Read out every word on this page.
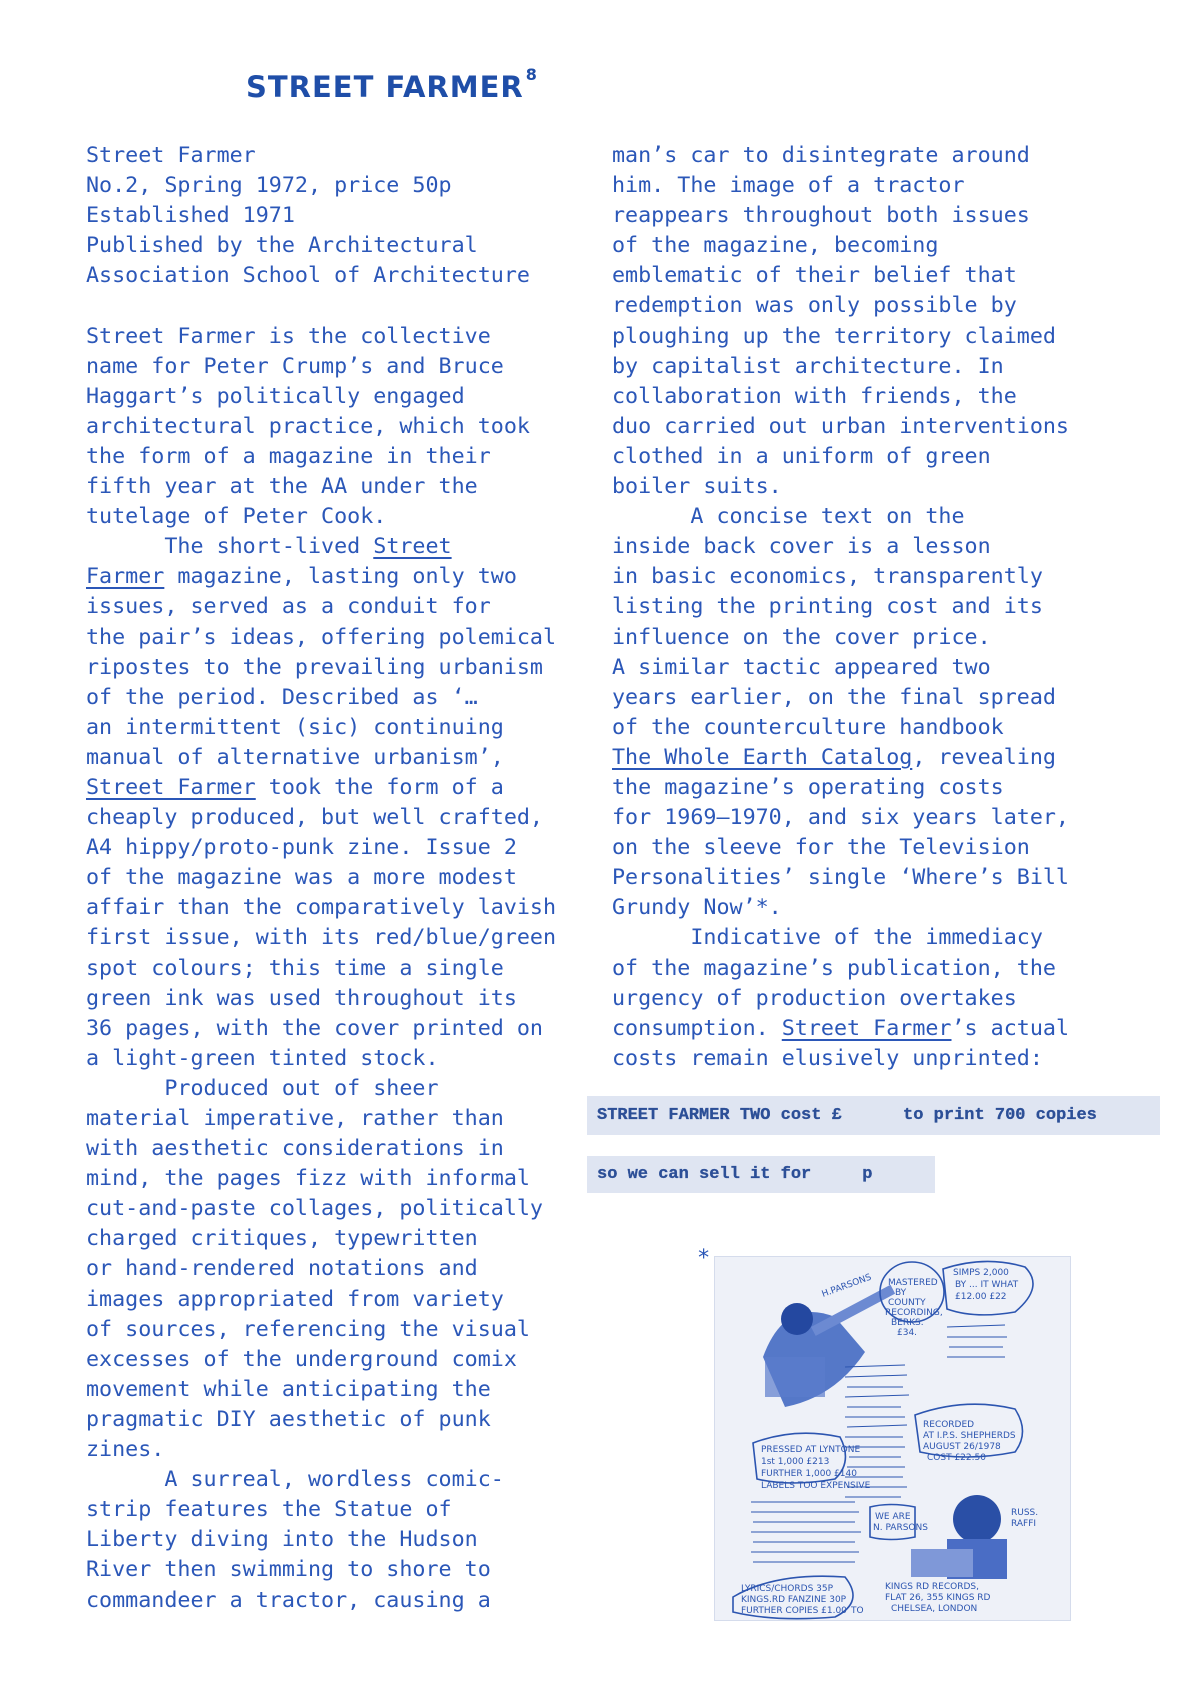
STREET FARMER $^8$
Street Farmer
No.2, Spring 1972, price 50p
Established 1971
Published by the Architectural
Association School of Architecture
Street Farmer is the collective
name for Peter Crump’s and Bruce
Haggart’s politically engaged
architectural practice, which took
the form of a magazine in their
fifth year at the AA under the
tutelage of Peter Cook.
The short-lived Street
Farmer magazine, lasting only two
issues, served as a conduit for
the pair’s ideas, offering polemical
ripostes to the prevailing urbanism
of the period. Described as ‘…
an intermittent (sic) continuing
manual of alternative urbanism’,
Street Farmer took the form of a
cheaply produced, but well crafted,
A4 hippy/proto-punk zine. Issue 2
of the magazine was a more modest
affair than the comparatively lavish
first issue, with its red/blue/green
spot colours; this time a single
green ink was used throughout its
36 pages, with the cover printed on
a light-green tinted stock.
Produced out of sheer
material imperative, rather than
with aesthetic considerations in
mind, the pages fizz with informal
cut-and-paste collages, politically
charged critiques, typewritten
or hand-rendered notations and
images appropriated from variety
of sources, referencing the visual
excesses of the underground comix
movement while anticipating the
pragmatic DIY aesthetic of punk
zines.
A surreal, wordless comic-
strip features the Statue of
Liberty diving into the Hudson
River then swimming to shore to
commandeer a tractor, causing a
man’s car to disintegrate around
him. The image of a tractor
reappears throughout both issues
of the magazine, becoming
emblematic of their belief that
redemption was only possible by
ploughing up the territory claimed
by capitalist architecture. In
collaboration with friends, the
duo carried out urban interventions
clothed in a uniform of green
boiler suits.
A concise text on the
inside back cover is a lesson
in basic economics, transparently
listing the printing cost and its
influence on the cover price.
A similar tactic appeared two
years earlier, on the final spread
of the counterculture handbook
The Whole Earth Catalog, revealing
the magazine’s operating costs
for 1969–1970, and six years later,
on the sleeve for the Television
Personalities’ single ‘Where’s Bill
Grundy Now’*.
Indicative of the immediacy
of the magazine’s publication, the
urgency of production overtakes
consumption. Street Farmer’s actual
costs remain elusively unprinted:
STREET FARMER TWO cost £      to print 700 copies
so we can sell it for     p
*
H.PARSONS MASTERED
BY
COUNTY
RECORDING,
BERKS.
£34.
SIMPS 2,000
BY ... IT WHAT
£12.00 £22
PRESSED AT LYNTONE
1st 1,000 £213
FURTHER 1,000 £140
LABELS TOO EXPENSIVE
RECORDED
AT I.P.S. SHEPHERDS
AUGUST 26/1978
COST £22.50
WE ARE
N. PARSONS
RUSS.
RAFFI
LYRICS/CHORDS 35P
KINGS.RD FANZINE 30P
FURTHER COPIES £1.00 TO
KINGS RD RECORDS,
FLAT 26, 355 KINGS RD
CHELSEA, LONDON
